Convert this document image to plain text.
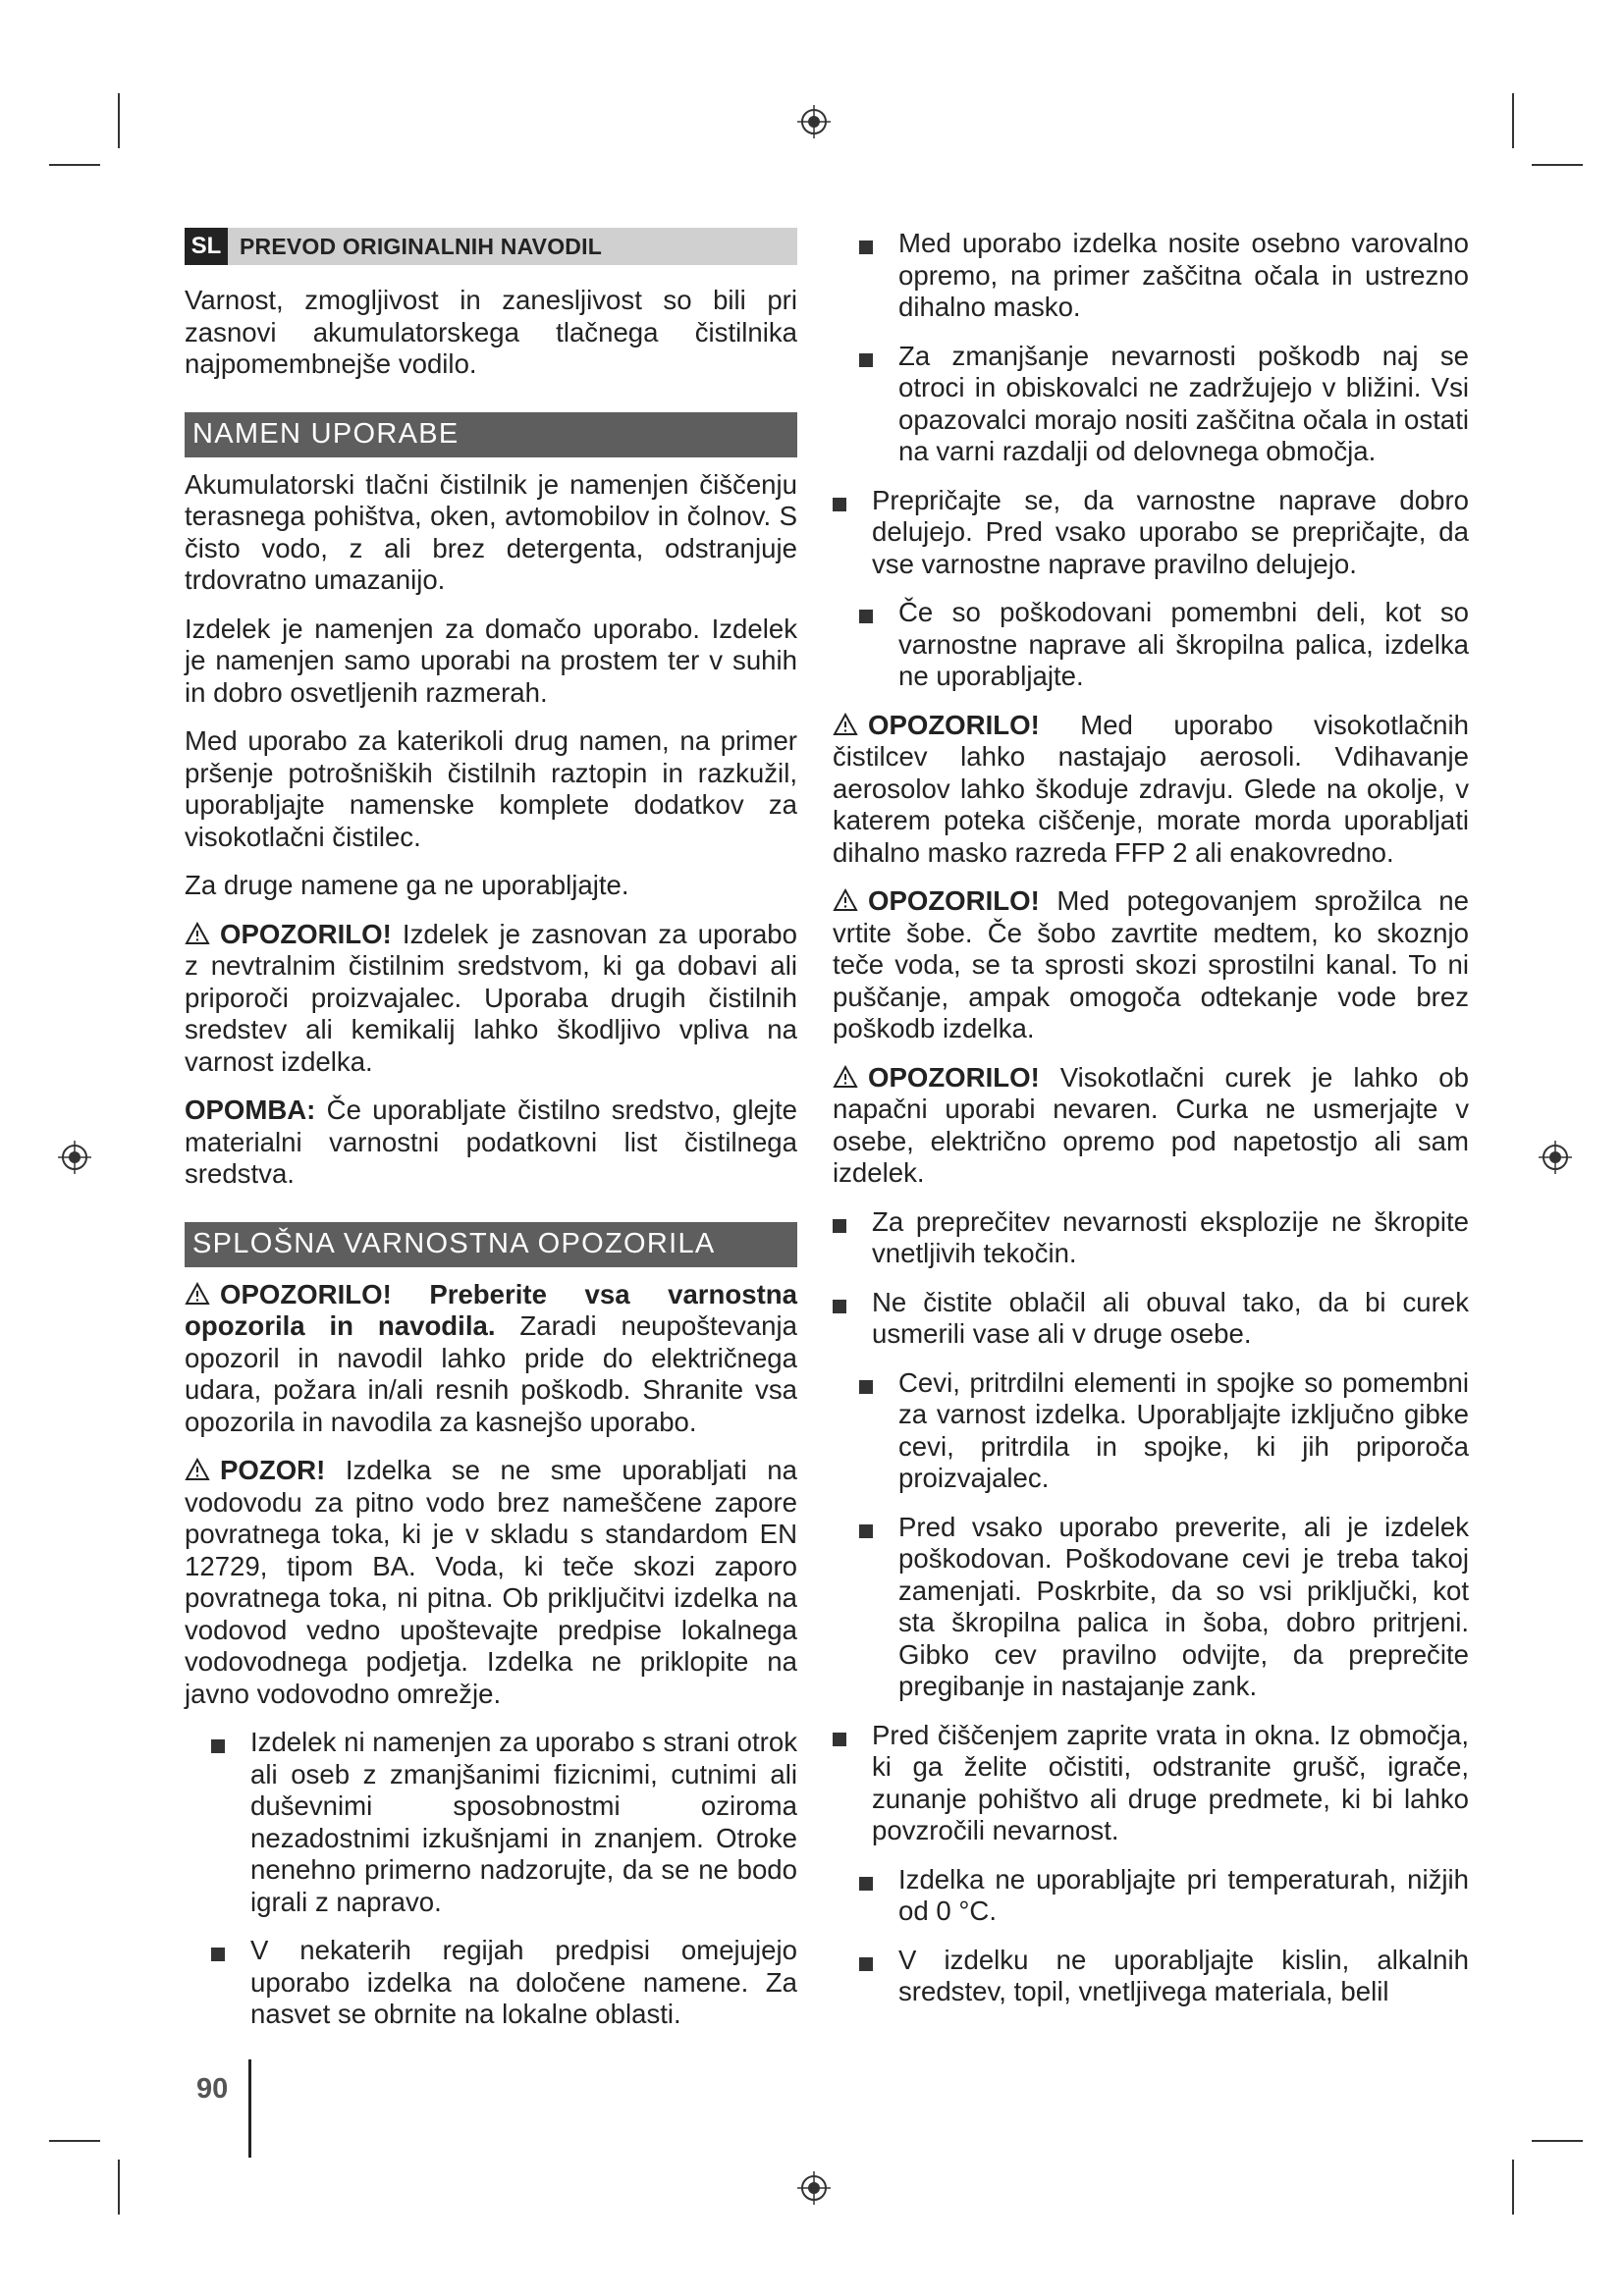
SL PREVOD ORIGINALNIH NAVODIL

Varnost, zmogljivost in zanesljivost so bili pri zasnovi akumulatorskega tlačnega čistilnika najpomembnejše vodilo.

NAMEN UPORABE

Akumulatorski tlačni čistilnik je namenjen čiščenju terasnega pohištva, oken, avtomobilov in čolnov. S čisto vodo, z ali brez detergenta, odstranjuje trdovratno umazanijo.

Izdelek je namenjen za domačo uporabo. Izdelek je namenjen samo uporabi na prostem ter v suhih in dobro osvetljenih razmerah.

Med uporabo za katerikoli drug namen, na primer pršenje potrošniških čistilnih raztopin in razkužil, uporabljajte namenske komplete dodatkov za visokotlačni čistilec.

Za druge namene ga ne uporabljajte.

OPOZORILO! Izdelek je zasnovan za uporabo z nevtralnim čistilnim sredstvom, ki ga dobavi ali priporoči proizvajalec. Uporaba drugih čistilnih sredstev ali kemikalij lahko škodljivo vpliva na varnost izdelka.

OPOMBA: Če uporabljate čistilno sredstvo, glejte materialni varnostni podatkovni list čistilnega sredstva.

SPLOŠNA VARNOSTNA OPOZORILA

OPOZORILO! Preberite vsa varnostna opozorila in navodila. Zaradi neupoštevanja opozoril in navodil lahko pride do električnega udara, požara in/ali resnih poškodb. Shranite vsa opozorila in navodila za kasnejšo uporabo.

POZOR! Izdelka se ne sme uporabljati na vodovodu za pitno vodo brez nameščene zapore povratnega toka, ki je v skladu s standardom EN 12729, tipom BA. Voda, ki teče skozi zaporo povratnega toka, ni pitna. Ob priključitvi izdelka na vodovod vedno upoštevajte predpise lokalnega vodovodnega podjetja. Izdelka ne priklopite na javno vodovodno omrežje.

Izdelek ni namenjen za uporabo s strani otrok ali oseb z zmanjšanimi fizicnimi, cutnimi ali duševnimi sposobnostmi oziroma nezadostnimi izkušnjami in znanjem. Otroke nenehno primerno nadzorujte, da se ne bodo igrali z napravo.
V nekaterih regijah predpisi omejujejo uporabo izdelka na določene namene. Za nasvet se obrnite na lokalne oblasti.
Med uporabo izdelka nosite osebno varovalno opremo, na primer zaščitna očala in ustrezno dihalno masko.
Za zmanjšanje nevarnosti poškodb naj se otroci in obiskovalci ne zadržujejo v bližini. Vsi opazovalci morajo nositi zaščitna očala in ostati na varni razdalji od delovnega območja.
Prepričajte se, da varnostne naprave dobro delujejo. Pred vsako uporabo se prepričajte, da vse varnostne naprave pravilno delujejo.
Če so poškodovani pomembni deli, kot so varnostne naprave ali škropilna palica, izdelka ne uporabljajte.

OPOZORILO! Med uporabo visokotlačnih čistilcev lahko nastajajo aerosoli. Vdihavanje aerosolov lahko škoduje zdravju. Glede na okolje, v katerem poteka ciščenje, morate morda uporabljati dihalno masko razreda FFP 2 ali enakovredno.

OPOZORILO! Med potegovanjem sprožilca ne vrtite šobe. Če šobo zavrtite medtem, ko skoznjo teče voda, se ta sprosti skozi sprostilni kanal. To ni puščanje, ampak omogoča odtekanje vode brez poškodb izdelka.

OPOZORILO! Visokotlačni curek je lahko ob napačni uporabi nevaren. Curka ne usmerjajte v osebe, električno opremo pod napetostjo ali sam izdelek.

Za preprečitev nevarnosti eksplozije ne škropite vnetljivih tekočin.
Ne čistite oblačil ali obuval tako, da bi curek usmerili vase ali v druge osebe.
Cevi, pritrdilni elementi in spojke so pomembni za varnost izdelka. Uporabljajte izključno gibke cevi, pritrdila in spojke, ki jih priporoča proizvajalec.
Pred vsako uporabo preverite, ali je izdelek poškodovan. Poškodovane cevi je treba takoj zamenjati. Poskrbite, da so vsi priključki, kot sta škropilna palica in šoba, dobro pritrjeni. Gibko cev pravilno odvijte, da preprečite pregibanje in nastajanje zank.
Pred čiščenjem zaprite vrata in okna. Iz območja, ki ga želite očistiti, odstranite grušč, igrače, zunanje pohištvo ali druge predmete, ki bi lahko povzročili nevarnost.
Izdelka ne uporabljajte pri temperaturah, nižjih od 0 °C.
V izdelku ne uporabljajte kislin, alkalnih sredstev, topil, vnetljivega materiala, belil
90
